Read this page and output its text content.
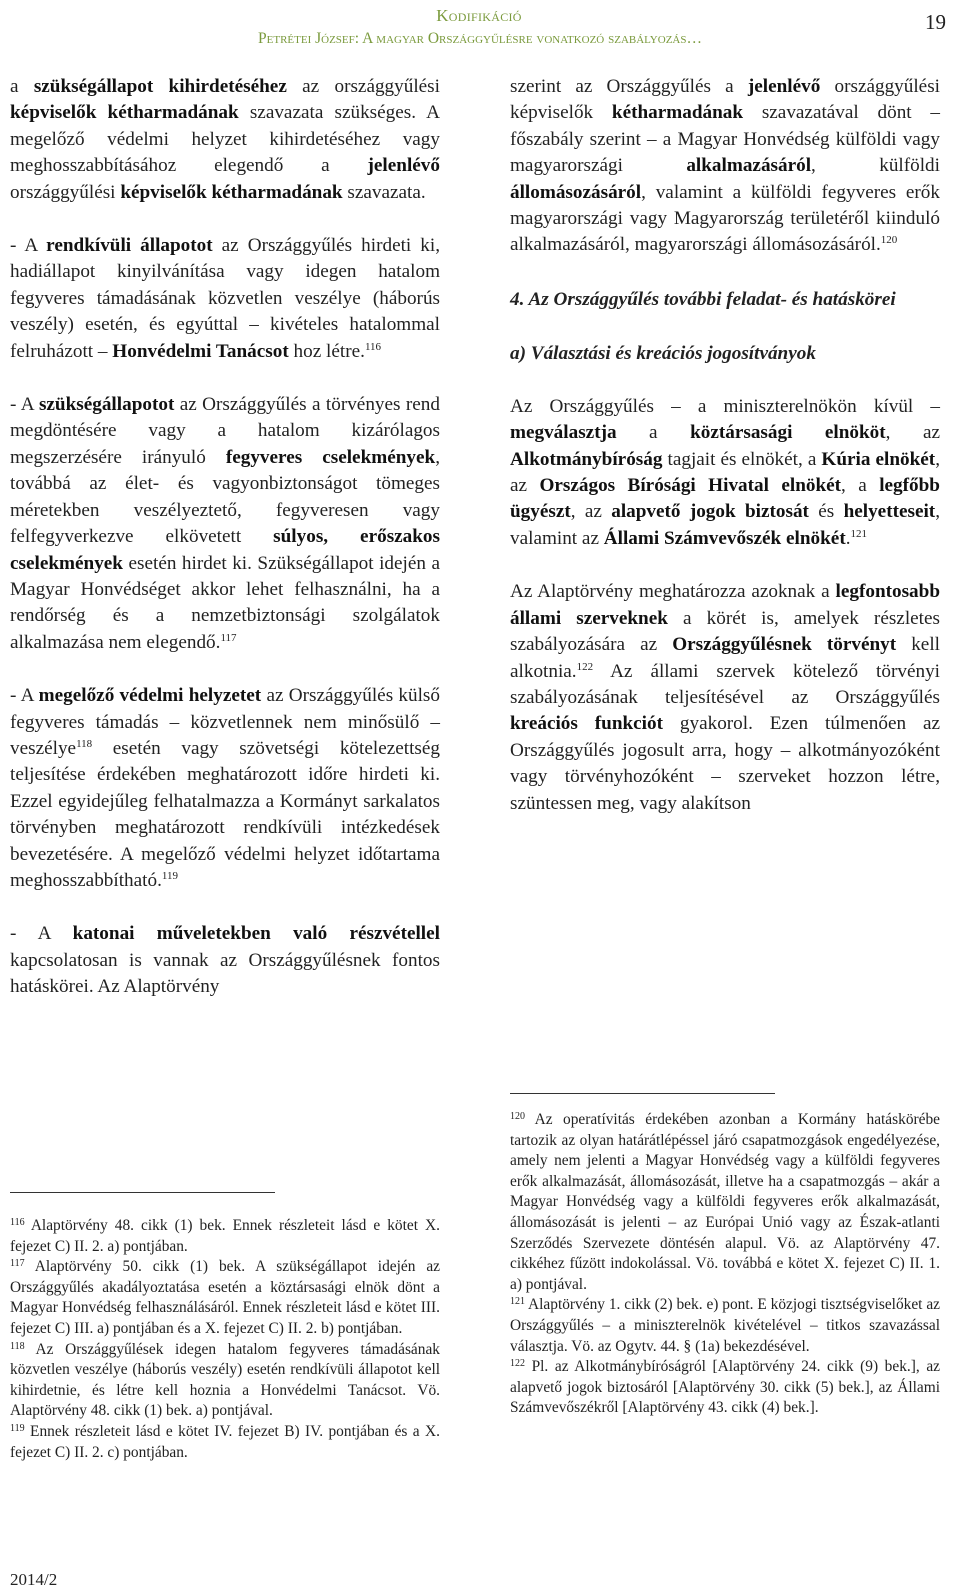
Kodifikáció
Petrétei József: A magyar Országgyűlésre vonatkozó szabályozás…
19

a szükségállapot kihirdetéséhez az országgyűlési képviselők kétharmadának szavazata szükséges. A megelőző védelmi helyzet kihirdetéséhez vagy meghosszabbításához elegendő a jelenlévő országgyűlési képviselők kétharmadának szavazata.

- A rendkívüli állapotot az Országgyűlés hirdeti ki, hadiállapot kinyilvánítása vagy idegen hatalom fegyveres támadásának közvetlen veszélye (háborús veszély) esetén, és egyúttal – kivételes hatalommal felruházott – Honvédelmi Tanácsot hoz létre.$^{116}$

- A szükségállapotot az Országgyűlés a törvényes rend megdöntésére vagy a hatalom kizárólagos megszerzésére irányuló fegyveres cselekmények, továbbá az élet- és vagyonbiztonságot tömeges méretekben veszélyeztető, fegyveresen vagy felfegyverkezve elkövetett súlyos, erőszakos cselekmények esetén hirdet ki. Szükségállapot idején a Magyar Honvédséget akkor lehet felhasználni, ha a rendőrség és a nemzetbiztonsági szolgálatok alkalmazása nem elegendő.$^{117}$

- A megelőző védelmi helyzetet az Országgyűlés külső fegyveres támadás – közvetlennek nem minősülő – veszélye$^{118}$ esetén vagy szövetségi kötelezettség teljesítése érdekében meghatározott időre hirdeti ki. Ezzel egyidejűleg felhatalmazza a Kormányt sarkalatos törvényben meghatározott rendkívüli intézkedések bevezetésére. A megelőző védelmi helyzet időtartama meghosszabbítható.$^{119}$

- A katonai műveletekben való részvétellel kapcsolatosan is vannak az Országgyűlésnek fontos hatáskörei. Az Alaptörvény

szerint az Országgyűlés a jelenlévő országgyűlési képviselők kétharmadának szavazatával dönt – főszabály szerint – a Magyar Honvédség külföldi vagy magyarországi alkalmazásáról, külföldi állomásozásáról, valamint a külföldi fegyveres erők magyarországi vagy Magyarország területéről kiinduló alkalmazásáról, magyarországi állomásozásáról.$^{120}$

4. Az Országgyűlés további feladat- és hatáskörei

a) Választási és kreációs jogosítványok

Az Országgyűlés – a miniszterelnökön kívül – megválasztja a köztársasági elnököt, az Alkotmánybíróság tagjait és elnökét, a Kúria elnökét, az Országos Bírósági Hivatal elnökét, a legfőbb ügyészt, az alapvető jogok biztosát és helyetteseit, valamint az Állami Számvevőszék elnökét.$^{121}$

Az Alaptörvény meghatározza azoknak a legfontosabb állami szerveknek a körét is, amelyek részletes szabályozására az Országgyűlésnek törvényt kell alkotnia.$^{122}$ Az állami szervek kötelező törvényi szabályozásának teljesítésével az Országgyűlés kreációs funkciót gyakorol. Ezen túlmenően az Országgyűlés jogosult arra, hogy – alkotmányozóként vagy törvényhozóként – szerveket hozzon létre, szüntessen meg, vagy alakítson

$^{116}$ Alaptörvény 48. cikk (1) bek. Ennek részleteit lásd e kötet X. fejezet C) II. 2. a) pontjában.

$^{117}$ Alaptörvény 50. cikk (1) bek. A szükségállapot idején az Országgyűlés akadályoztatása esetén a köztársasági elnök dönt a Magyar Honvédség felhasználásáról. Ennek részleteit lásd e kötet III. fejezet C) III. a) pontjában és a X. fejezet C) II. 2. b) pontjában.

$^{118}$ Az Országgyűlések idegen hatalom fegyveres támadásának közvetlen veszélye (háborús veszély) esetén rendkívüli állapotot kell kihirdetnie, és létre kell hoznia a Honvédelmi Tanácsot. Vö. Alaptörvény 48. cikk (1) bek. a) pontjával.

$^{119}$ Ennek részleteit lásd e kötet IV. fejezet B) IV. pontjában és a X. fejezet C) II. 2. c) pontjában.

$^{120}$ Az operatívitás érdekében azonban a Kormány hatáskörébe tartozik az olyan határátlépéssel járó csapatmozgások engedélyezése, amely nem jelenti a Magyar Honvédség vagy a külföldi fegyveres erők alkalmazását, állomásozását, illetve ha a csapatmozgás – akár a Magyar Honvédség vagy a külföldi fegyveres erők alkalmazását, állomásozását is jelenti – az Európai Unió vagy az Észak-atlanti Szerződés Szervezete döntésén alapul. Vö. az Alaptörvény 47. cikkéhez fűzött indokolással. Vö. továbbá e kötet X. fejezet C) II. 1. a) pontjával.

$^{121}$ Alaptörvény 1. cikk (2) bek. e) pont. E közjogi tisztségviselőket az Országgyűlés – a miniszterelnök kivételével – titkos szavazással választja. Vö. az Ogytv. 44. § (1a) bekezdésével.

$^{122}$ Pl. az Alkotmánybíróságról [Alaptörvény 24. cikk (9) bek.], az alapvető jogok biztosáról [Alaptörvény 30. cikk (5) bek.], az Állami Számvevőszékről [Alaptörvény 43. cikk (4) bek.].

2014/2
